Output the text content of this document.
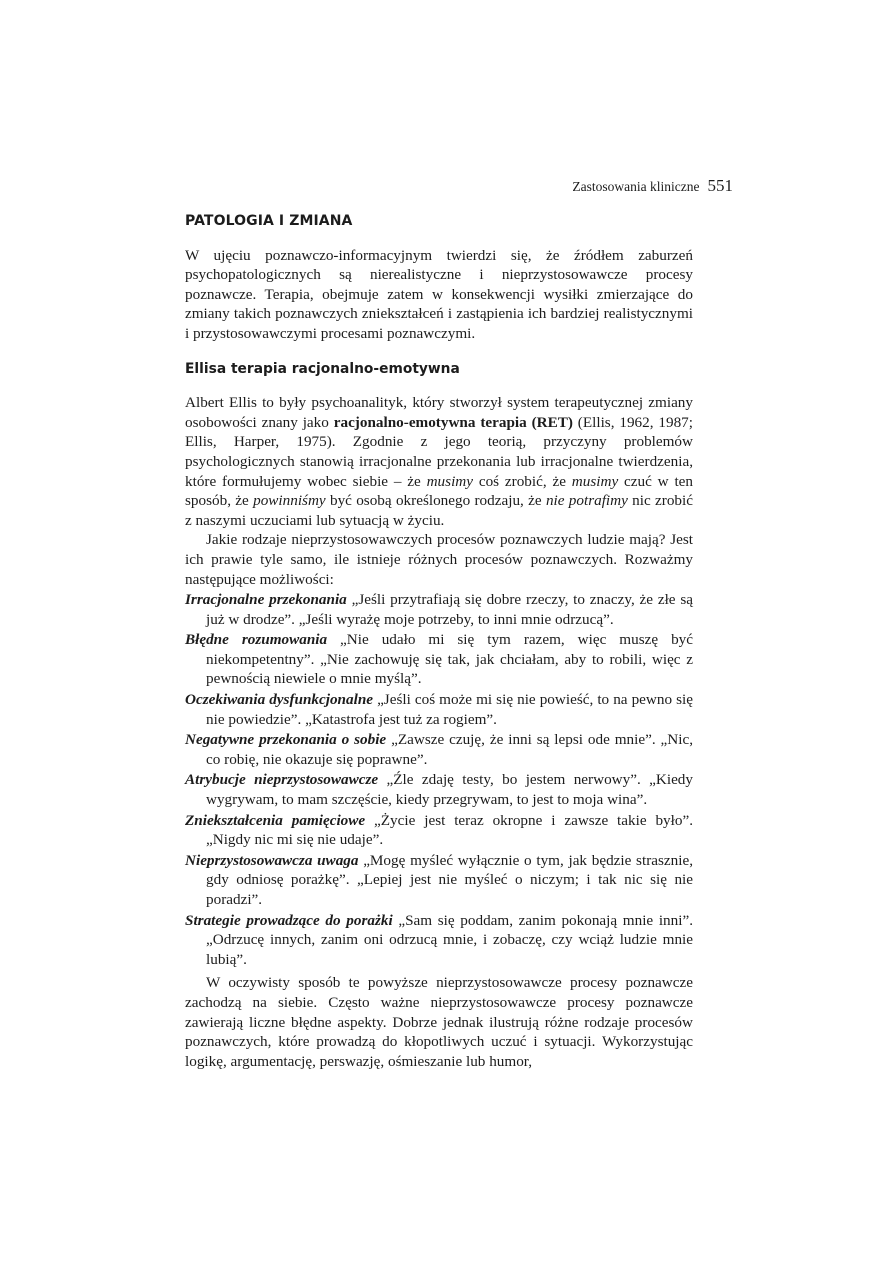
Zastosowania kliniczne 551
PATOLOGIA I ZMIANA

W ujęciu poznawczo-informacyjnym twierdzi się, że źródłem zaburzeń psychopatologicznych są nierealistyczne i nieprzystosowawcze procesy poznawcze. Terapia, obejmuje zatem w konsekwencji wysiłki zmierzające do zmiany takich poznawczych zniekształceń i zastąpienia ich bardziej realistycznymi i przystosowawczymi procesami poznawczymi.

Ellisa terapia racjonalno-emotywna

Albert Ellis to były psychoanalityk, który stworzył system terapeutycznej zmiany osobowości znany jako racjonalno-emotywna terapia (RET) (Ellis, 1962, 1987; Ellis, Harper, 1975). Zgodnie z jego teorią, przyczyny problemów psychologicznych stanowią irracjonalne przekonania lub irracjonalne twierdzenia, które formułujemy wobec siebie – że musimy coś zrobić, że musimy czuć w ten sposób, że powinniśmy być osobą określonego rodzaju, że nie potrafimy nic zrobić z naszymi uczuciami lub sytuacją w życiu.

Jakie rodzaje nieprzystosowawczych procesów poznawczych ludzie mają? Jest ich prawie tyle samo, ile istnieje różnych procesów poznawczych. Rozważmy następujące możliwości:

Irracjonalne przekonania „Jeśli przytrafiają się dobre rzeczy, to znaczy, że złe są już w drodze”. „Jeśli wyrażę moje potrzeby, to inni mnie odrzucą”.
Błędne rozumowania „Nie udało mi się tym razem, więc muszę być niekompetentny”. „Nie zachowuję się tak, jak chciałam, aby to robili, więc z pewnością niewiele o mnie myślą”.
Oczekiwania dysfunkcjonalne „Jeśli coś może mi się nie powieść, to na pewno się nie powiedzie”. „Katastrofa jest tuż za rogiem”.
Negatywne przekonania o sobie „Zawsze czuję, że inni są lepsi ode mnie”. „Nic, co robię, nie okazuje się poprawne”.
Atrybucje nieprzystosowawcze „Źle zdaję testy, bo jestem nerwowy”. „Kiedy wygrywam, to mam szczęście, kiedy przegrywam, to jest to moja wina”.
Zniekształcenia pamięciowe „Życie jest teraz okropne i zawsze takie było”. „Nigdy nic mi się nie udaje”.
Nieprzystosowawcza uwaga „Mogę myśleć wyłącznie o tym, jak będzie strasznie, gdy odniosę porażkę”. „Lepiej jest nie myśleć o niczym; i tak nic się nie poradzi”.
Strategie prowadzące do porażki „Sam się poddam, zanim pokonają mnie inni”. „Odrzucę innych, zanim oni odrzucą mnie, i zobaczę, czy wciąż ludzie mnie lubią”.

W oczywisty sposób te powyższe nieprzystosowawcze procesy poznawcze zachodzą na siebie. Często ważne nieprzystosowawcze procesy poznawcze zawierają liczne błędne aspekty. Dobrze jednak ilustrują różne rodzaje procesów poznawczych, które prowadzą do kłopotliwych uczuć i sytuacji. Wykorzystując logikę, argumentację, perswazję, ośmieszanie lub humor,
